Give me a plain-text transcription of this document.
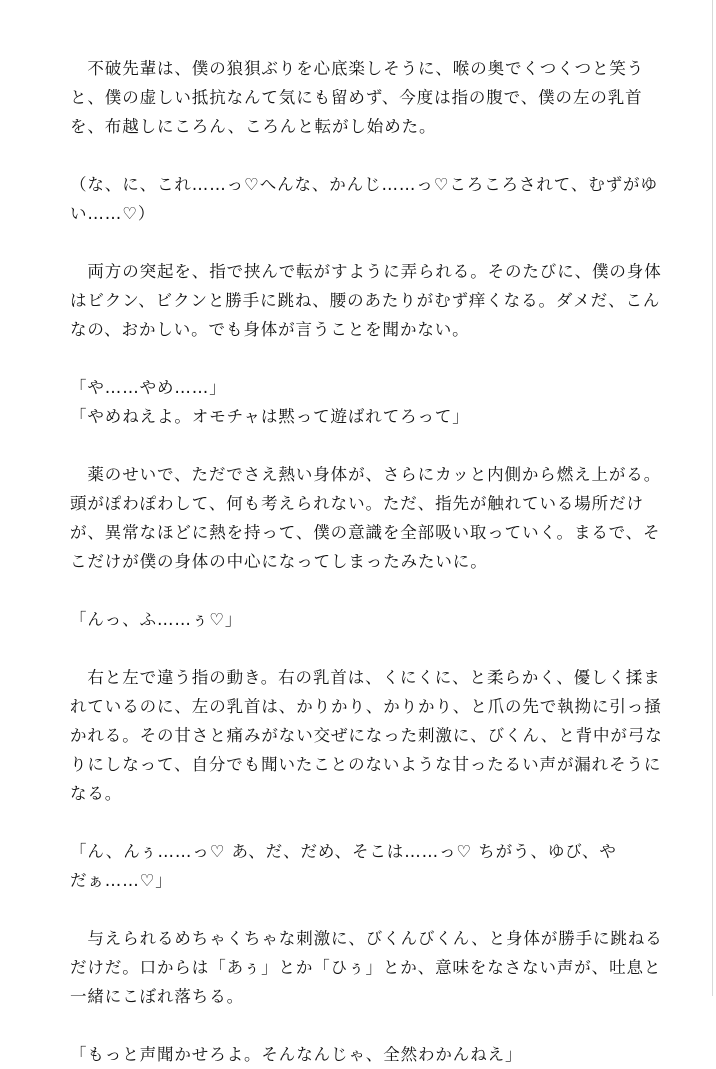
　不破先輩は、僕の狼狽ぶりを心底楽しそうに、喉の奥でくつくつと笑う
と、僕の虚しい抵抗なんて気にも留めず、今度は指の腹で、僕の左の乳首
を、布越しにころん、ころんと転がし始めた。
（な、に、これ……っ♡へんな、かんじ……っ♡ころころされて、むずがゆ
い……♡）
　両方の突起を、指で挟んで転がすように弄られる。そのたびに、僕の身体
はビクン、ビクンと勝手に跳ね、腰のあたりがむず痒くなる。ダメだ、こん
なの、おかしい。でも身体が言うことを聞かない。
「や……やめ……」
「やめねえよ。オモチャは黙って遊ばれてろって」
　薬のせいで、ただでさえ熱い身体が、さらにカッと内側から燃え上がる。
頭がぽわぽわして、何も考えられない。ただ、指先が触れている場所だけ
が、異常なほどに熱を持って、僕の意識を全部吸い取っていく。まるで、そ
こだけが僕の身体の中心になってしまったみたいに。
「んっ、ふ……ぅ♡」
　右と左で違う指の動き。右の乳首は、くにくに、と柔らかく、優しく揉ま
れているのに、左の乳首は、かりかり、かりかり、と爪の先で執拗に引っ掻
かれる。その甘さと痛みがない交ぜになった刺激に、びくん、と背中が弓な
りにしなって、自分でも聞いたことのないような甘ったるい声が漏れそうに
なる。
「ん、んぅ……っ♡ あ、だ、だめ、そこは……っ♡ ちがう、ゆび、や
だぁ……♡」
　与えられるめちゃくちゃな刺激に、びくんびくん、と身体が勝手に跳ねる
だけだ。口からは「あぅ」とか「ひぅ」とか、意味をなさない声が、吐息と
一緒にこぼれ落ちる。
「もっと声聞かせろよ。そんなんじゃ、全然わかんねえ」
